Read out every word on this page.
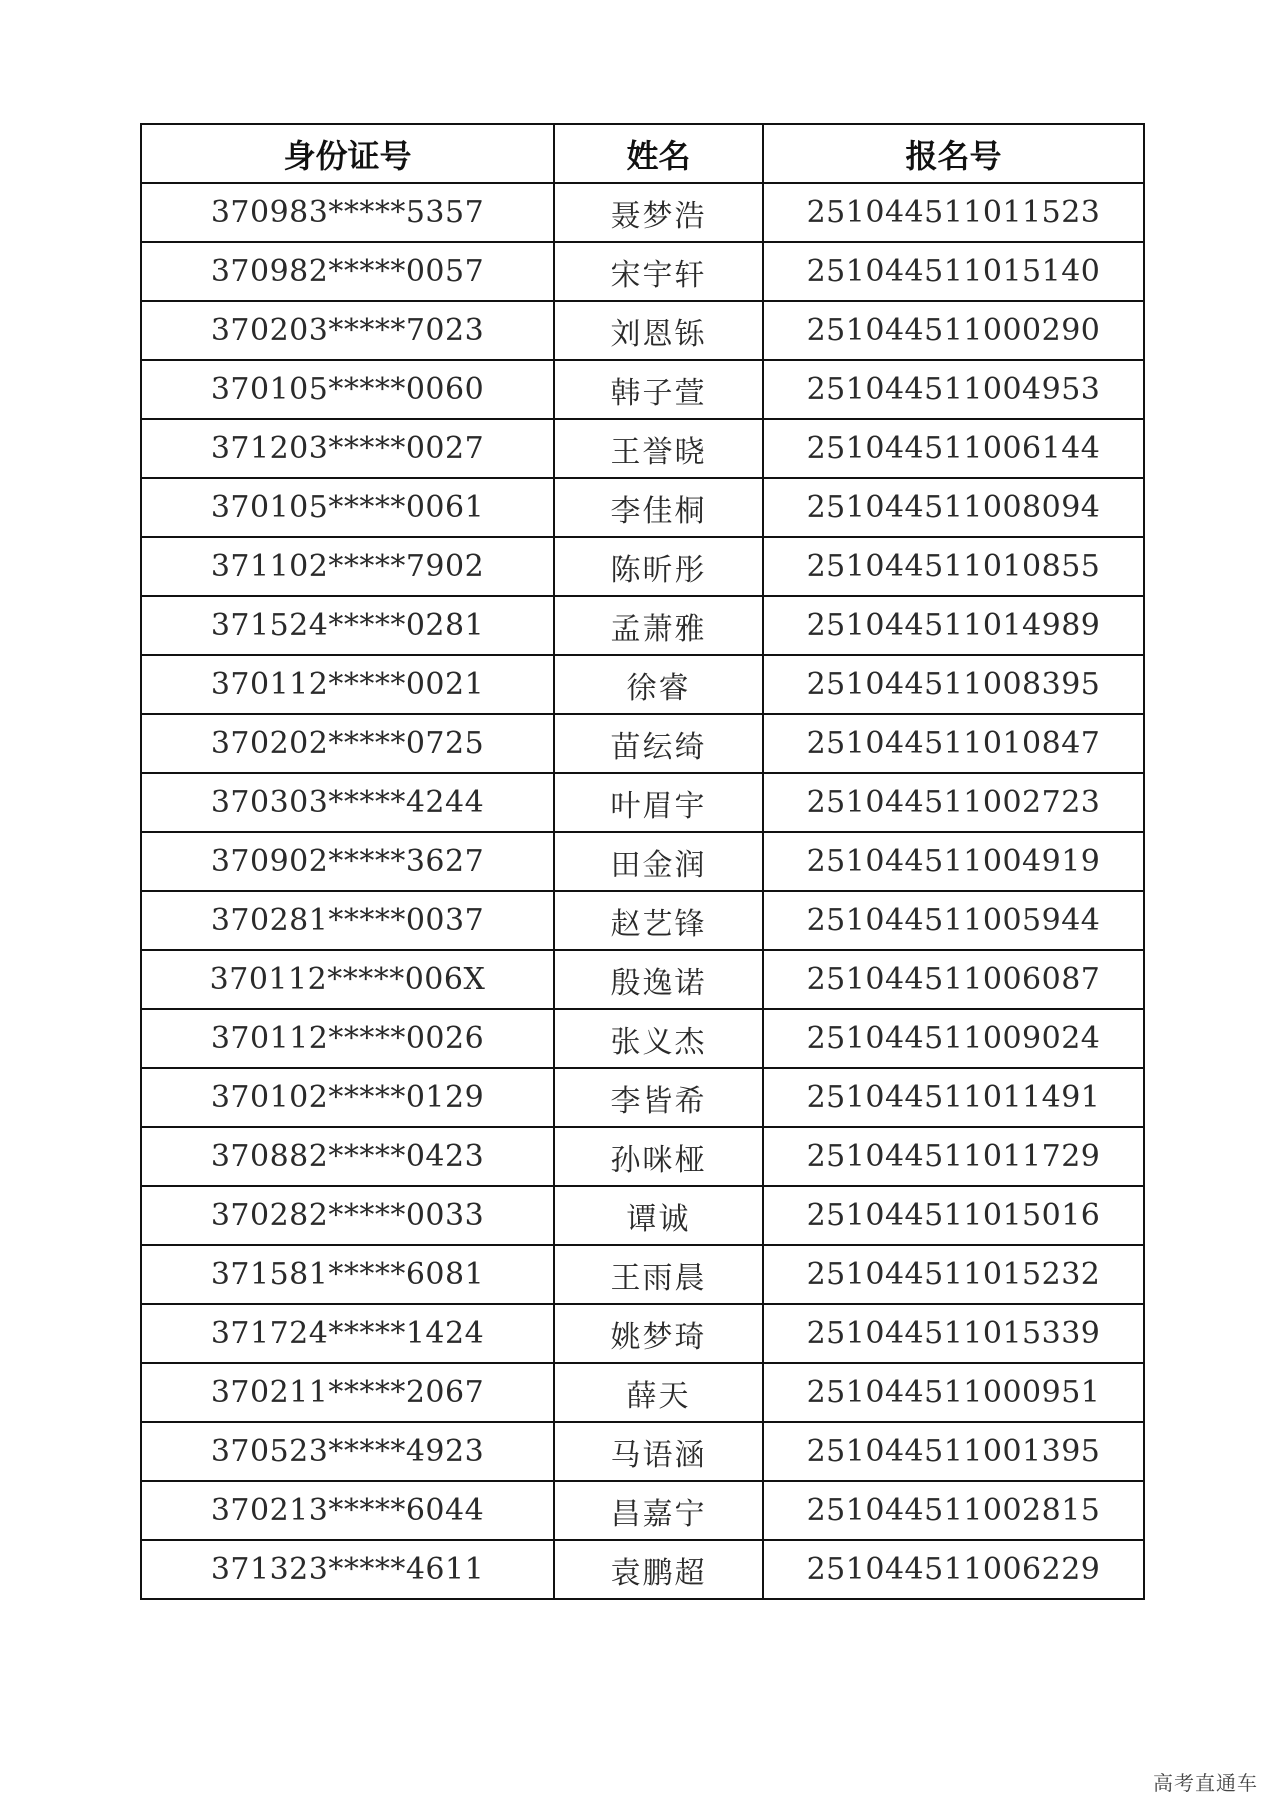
身份证号	姓名	报名号
370983*****5357	聂梦浩	251044511011523
370982*****0057	宋宇轩	251044511015140
370203*****7023	刘恩铄	251044511000290
370105*****0060	韩子萱	251044511004953
371203*****0027	王誉晓	251044511006144
370105*****0061	李佳桐	251044511008094
371102*****7902	陈昕彤	251044511010855
371524*****0281	孟萧雅	251044511014989
370112*****0021	徐睿	251044511008395
370202*****0725	苗纭绮	251044511010847
370303*****4244	叶眉宇	251044511002723
370902*****3627	田金润	251044511004919
370281*****0037	赵艺锋	251044511005944
370112*****006X	殷逸诺	251044511006087
370112*****0026	张义杰	251044511009024
370102*****0129	李皆希	251044511011491
370882*****0423	孙咪桠	251044511011729
370282*****0033	谭诚	251044511015016
371581*****6081	王雨晨	251044511015232
371724*****1424	姚梦琦	251044511015339
370211*****2067	薛天	251044511000951
370523*****4923	马语涵	251044511001395
370213*****6044	昌嘉宁	251044511002815
371323*****4611	袁鹏超	251044511006229
高考直通车
